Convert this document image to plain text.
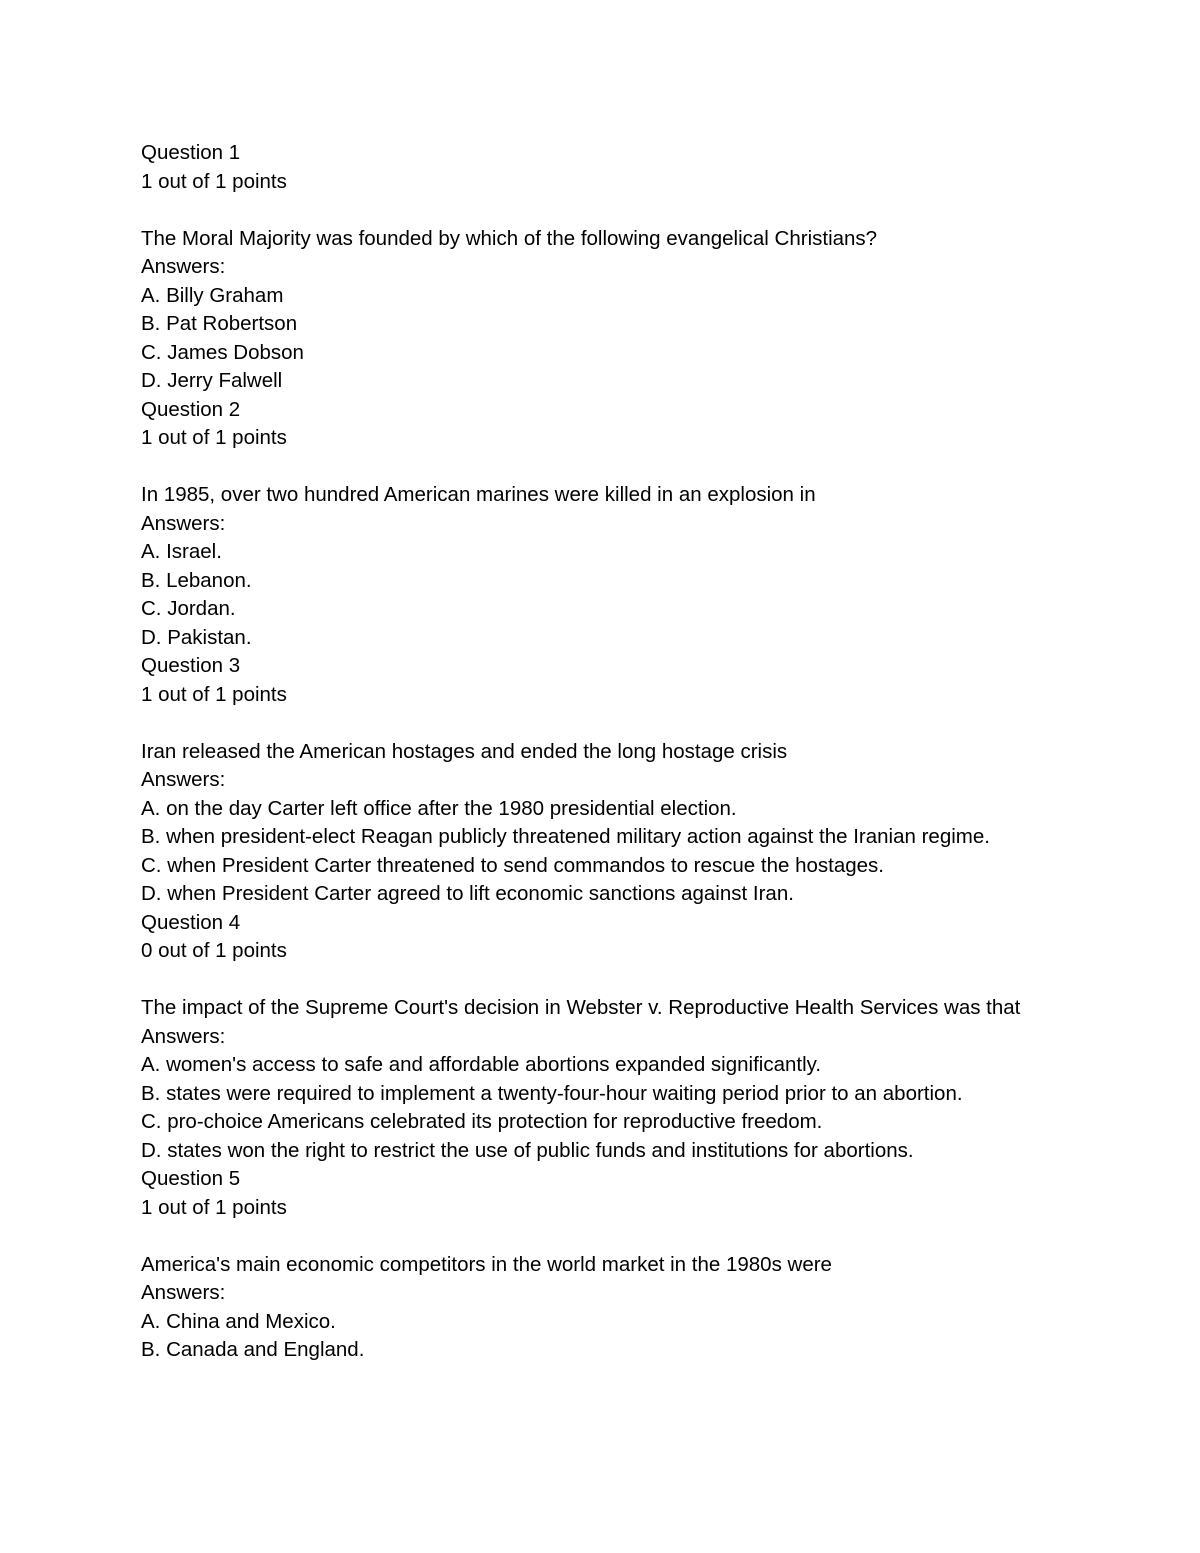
Question 1

1 out of 1 points

The Moral Majority was founded by which of the following evangelical Christians?

Answers:

A. Billy Graham

B. Pat Robertson

C. James Dobson

D. Jerry Falwell

Question 2

1 out of 1 points

In 1985, over two hundred American marines were killed in an explosion in

Answers:

A. Israel.

B. Lebanon.

C. Jordan.

D. Pakistan.

Question 3

1 out of 1 points

Iran released the American hostages and ended the long hostage crisis

Answers:

A. on the day Carter left office after the 1980 presidential election.

B. when president-elect Reagan publicly threatened military action against the Iranian regime.

C. when President Carter threatened to send commandos to rescue the hostages.

D. when President Carter agreed to lift economic sanctions against Iran.

Question 4

0 out of 1 points

The impact of the Supreme Court's decision in Webster v. Reproductive Health Services was that

Answers:

A. women's access to safe and affordable abortions expanded significantly.

B. states were required to implement a twenty-four-hour waiting period prior to an abortion.

C. pro-choice Americans celebrated its protection for reproductive freedom.

D. states won the right to restrict the use of public funds and institutions for abortions.

Question 5

1 out of 1 points

America's main economic competitors in the world market in the 1980s were

Answers:

A. China and Mexico.

B. Canada and England.
